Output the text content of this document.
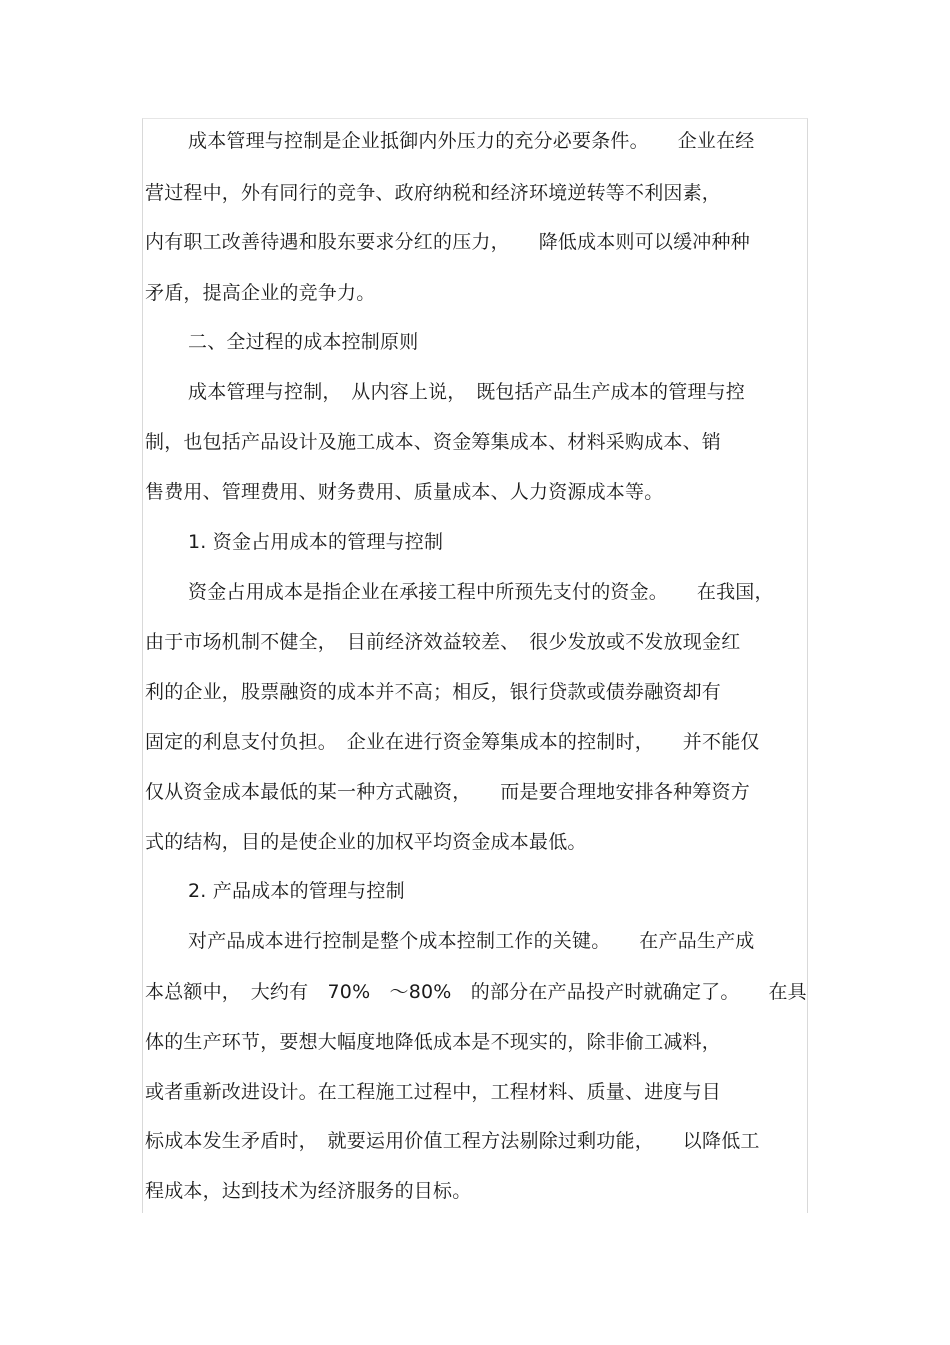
成本管理与控制是企业抵御内外压力的充分必要条件。　　企业在经
营过程中，外有同行的竞争、政府纳税和经济环境逆转等不利因素，
内有职工改善待遇和股东要求分红的压力，　　降低成本则可以缓冲种种
矛盾，提高企业的竞争力。
二、全过程的成本控制原则
成本管理与控制，　从内容上说，　既包括产品生产成本的管理与控
制，也包括产品设计及施工成本、资金筹集成本、材料采购成本、销
售费用、管理费用、财务费用、质量成本、人力资源成本等。
1. 资金占用成本的管理与控制
资金占用成本是指企业在承接工程中所预先支付的资金。　　在我国，
由于市场机制不健全，　目前经济效益较差、　很少发放或不发放现金红
利的企业，股票融资的成本并不高；相反，银行贷款或债券融资却有
固定的利息支付负担。　企业在进行资金筹集成本的控制时，　　并不能仅
仅从资金成本最低的某一种方式融资，　　而是要合理地安排各种筹资方
式的结构，目的是使企业的加权平均资金成本最低。
2. 产品成本的管理与控制
对产品成本进行控制是整个成本控制工作的关键。　　在产品生产成
本总额中，　大约有　70%　～80%　的部分在产品投产时就确定了。　　在具
体的生产环节，要想大幅度地降低成本是不现实的，除非偷工减料，
或者重新改进设计。在工程施工过程中，工程材料、质量、进度与目
标成本发生矛盾时，　就要运用价值工程方法剔除过剩功能，　　以降低工
程成本，达到技术为经济服务的目标。
